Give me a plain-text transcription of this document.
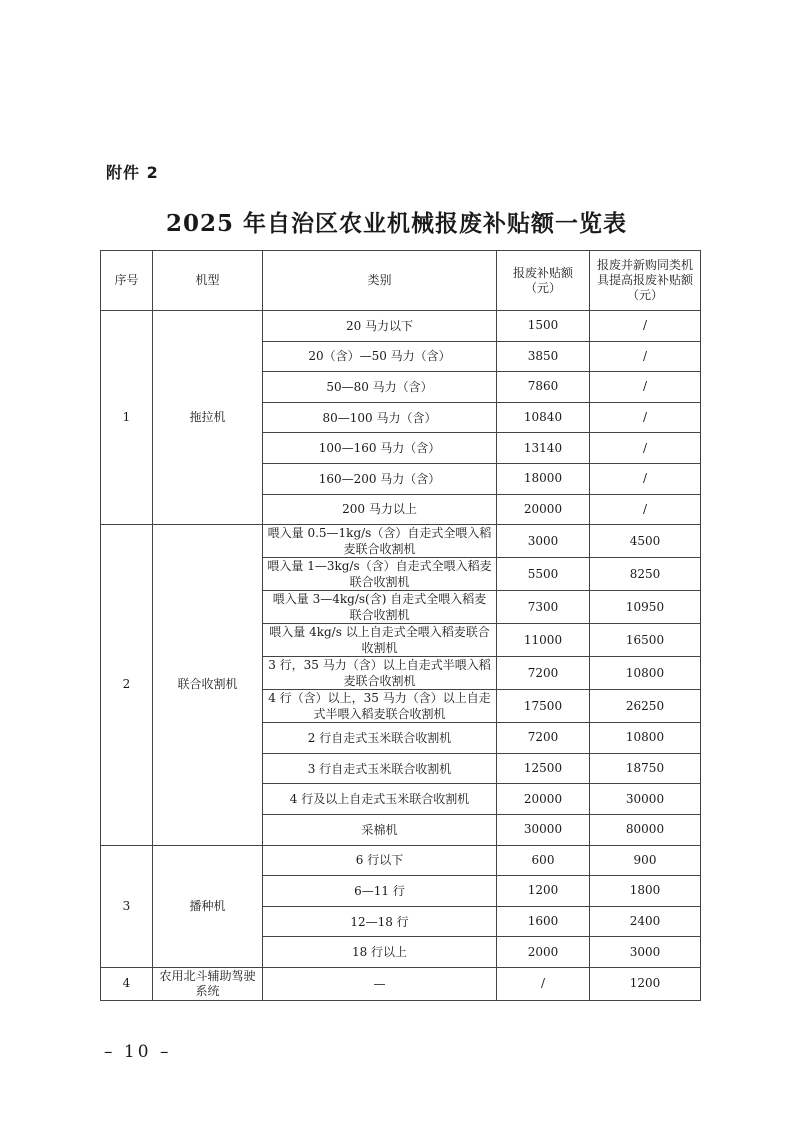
附件 2
2025 年自治区农业机械报废补贴额一览表
序号	机型	类别	报废补贴额（元）	报废并新购同类机具提高报废补贴额（元）
1	拖拉机	20 马力以下	1500	/
		20（含）—50 马力（含）	3850	/
		50—80 马力（含）	7860	/
		80—100 马力（含）	10840	/
		100—160 马力（含）	13140	/
		160—200 马力（含）	18000	/
		200 马力以上	20000	/
2	联合收割机	喂入量 0.5—1kg/s（含）自走式全喂入稻麦联合收割机	3000	4500
		喂入量 1—3kg/s（含）自走式全喂入稻麦联合收割机	5500	8250
		喂入量 3—4kg/s(含) 自走式全喂入稻麦联合收割机	7300	10950
		喂入量 4kg/s 以上自走式全喂入稻麦联合收割机	11000	16500
		3 行，35 马力（含）以上自走式半喂入稻麦联合收割机	7200	10800
		4 行（含）以上，35 马力（含）以上自走式半喂入稻麦联合收割机	17500	26250
		2 行自走式玉米联合收割机	7200	10800
		3 行自走式玉米联合收割机	12500	18750
		4 行及以上自走式玉米联合收割机	20000	30000
		采棉机	30000	80000
3	播种机	6 行以下	600	900
		6—11 行	1200	1800
		12—18 行	1600	2400
		18 行以上	2000	3000
4	农用北斗辅助驾驶系统	—	/	1200
– 10 –
